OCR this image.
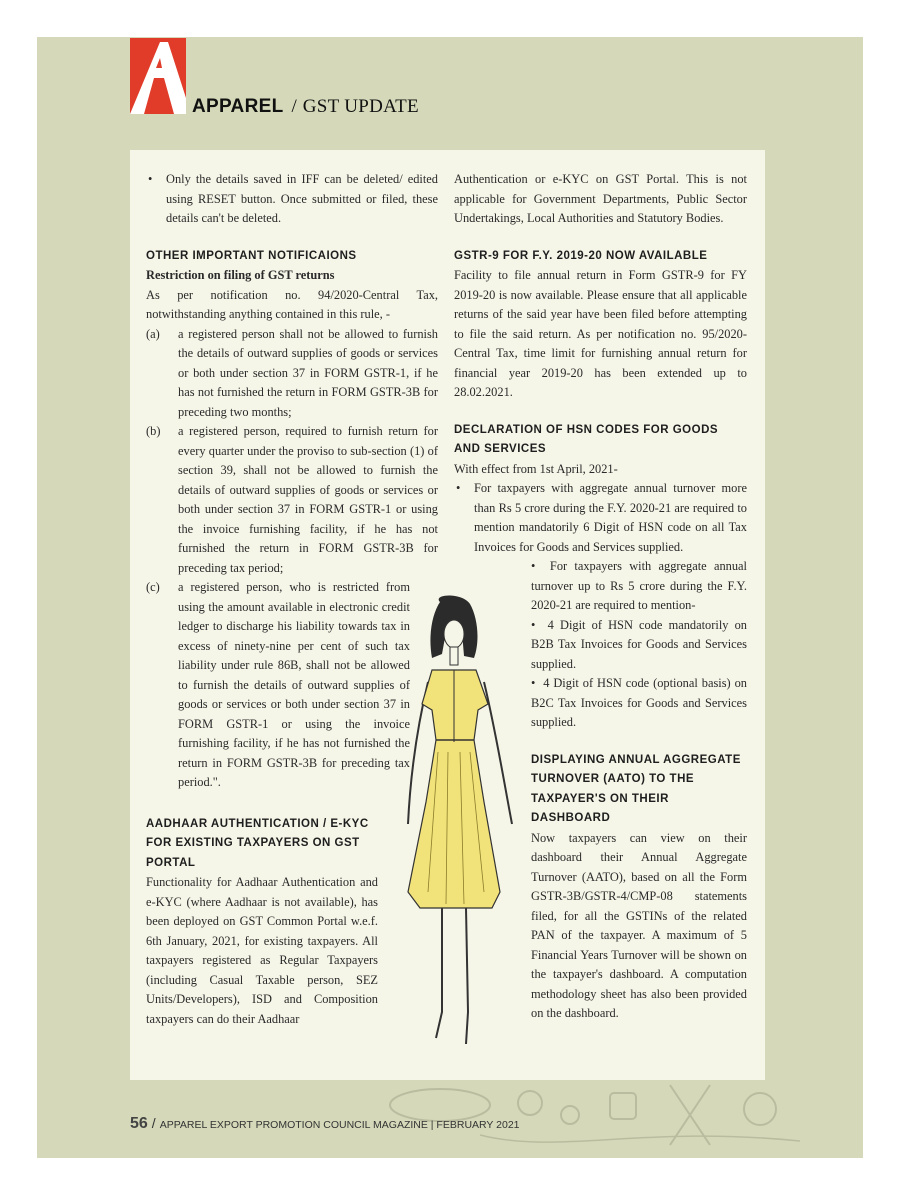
APPAREL / GST UPDATE
• Only the details saved in IFF can be deleted/ edited using RESET button. Once submitted or filed, these details can't be deleted.
OTHER IMPORTANT NOTIFICAIONS

Restriction on filing of GST returns

As per notification no. 94/2020-Central Tax, notwithstanding anything contained in this rule, -

(a) a registered person shall not be allowed to furnish the details of outward supplies of goods or services or both under section 37 in FORM GSTR-1, if he has not furnished the return in FORM GSTR-3B for preceding two months;
(b) a registered person, required to furnish return for every quarter under the proviso to sub-section (1) of section 39, shall not be allowed to furnish the details of outward supplies of goods or services or both under section 37 in FORM GSTR-1 or using the invoice furnishing facility, if he has not furnished the return in FORM GSTR-3B for preceding tax period;
(c) a registered person, who is restricted from using the amount available in electronic credit ledger to discharge his liability towards tax in excess of ninety-nine per cent of such tax liability under rule 86B, shall not be allowed to furnish the details of outward supplies of goods or services or both under section 37 in FORM GSTR-1 or using the invoice furnishing facility, if he has not furnished the return in FORM GSTR-3B for preceding tax period.".
AADHAAR AUTHENTICATION / E-KYC FOR EXISTING TAXPAYERS ON GST PORTAL

Functionality for Aadhaar Authentication and e-KYC (where Aadhaar is not available), has been deployed on GST Common Portal w.e.f. 6th January, 2021, for existing taxpayers. All taxpayers registered as Regular Taxpayers (including Casual Taxable person, SEZ Units/Developers), ISD and Composition taxpayers can do their Aadhaar

Authentication or e-KYC on GST Portal. This is not applicable for Government Departments, Public Sector Undertakings, Local Authorities and Statutory Bodies.

GSTR-9 FOR F.Y. 2019-20 NOW AVAILABLE

Facility to file annual return in Form GSTR-9 for FY 2019-20 is now available. Please ensure that all applicable returns of the said year have been filed before attempting to file the said return. As per notification no. 95/2020-Central Tax, time limit for furnishing annual return for financial year 2019-20 has been extended up to 28.02.2021.

DECLARATION OF HSN CODES FOR GOODS AND SERVICES

With effect from 1st April, 2021-

• For taxpayers with aggregate annual turnover more than Rs 5 crore during the F.Y. 2020-21 are required to mention mandatorily 6 Digit of HSN code on all Tax Invoices for Goods and Services supplied.

•  For taxpayers with aggregate annual turnover up to Rs 5 crore during the F.Y. 2020-21 are required to mention-

•  4 Digit of HSN code mandatorily on B2B Tax Invoices for Goods and Services supplied.

•  4 Digit of HSN code (optional basis) on B2C Tax Invoices for Goods and Services supplied.

DISPLAYING ANNUAL AGGREGATE TURNOVER (AATO) TO THE TAXPAYER'S ON THEIR DASHBOARD

Now taxpayers can view on their dashboard their Annual Aggregate Turnover (AATO), based on all the Form GSTR-3B/GSTR-4/CMP-08 statements filed, for all the GSTINs of the related PAN of the taxpayer. A maximum of 5 Financial Years Turnover will be shown on the taxpayer's dashboard. A computation methodology sheet has also been provided on the dashboard.

56 / APPAREL EXPORT PROMOTION COUNCIL MAGAZINE | FEBRUARY 2021
